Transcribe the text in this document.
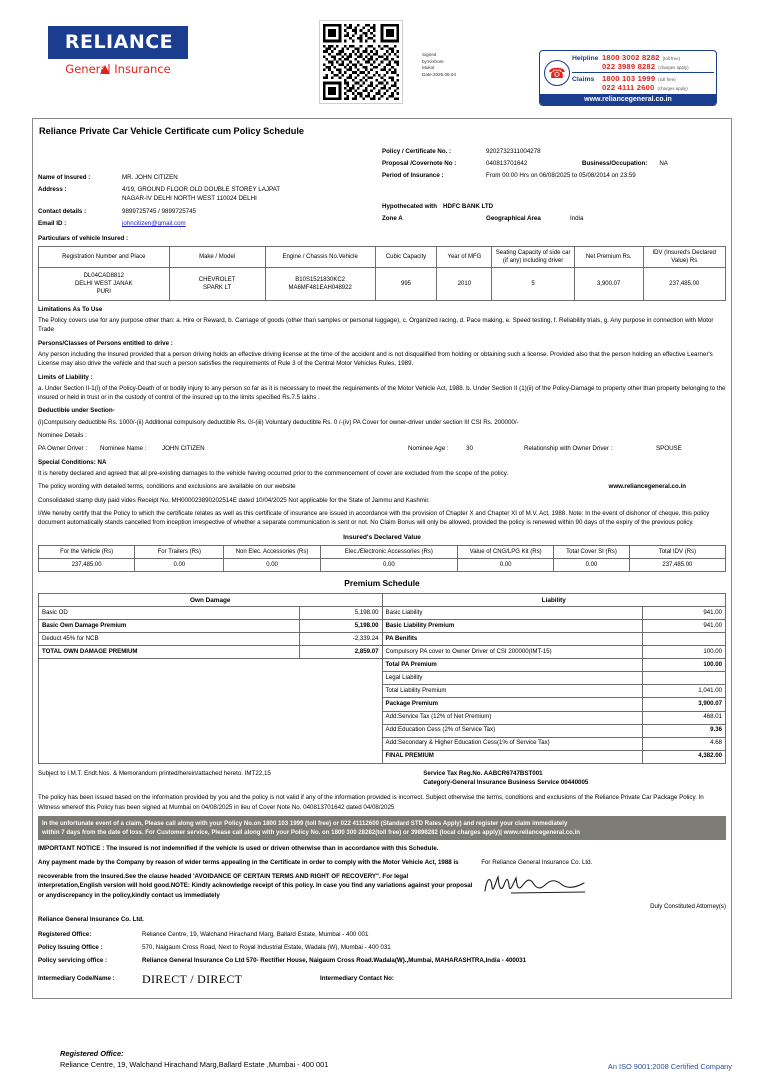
RELIANCE
General Insurance
Signed
by:Kishore
Mukul
Date:2025.08.04	☎
Helpline 1800 3002 8282 (toll free)
022 3989 8282 (charges apply)
Claims	1800 103 1999 (toll free)
022 4111 2600 (charges apply)
www.reliancegeneral.co.in
Reliance Private Car Vehicle Certificate cum Policy Schedule
Name of Insured :	MR. JOHN CITIZEN
Address :	4/19, GROUND FLOOR OLD DOUBLE STOREY LAJPAT
NAGAR-IV DELHI NORTH WEST 110024 DELHI
Contact details :	9899725745 / 9899725745
Email ID :	johncitizen@gmail.com
Policy / Certificate No. :	9202732311004278
Proposal /Covernote No :	040813701642	Business/Occupation: NA
Period of Insurance :	From 00:00 Hrs on 06/08/2025 to 05/08/2014 on 23:59
Hypothecated with HDFC BANK LTD
Zone A	Geographical Area	India
Particulars of vehicle Insured :
Registration Number and Place	Make / Model	Engine / Chassis No.Vehicle	Cubic Capacity	Year of MFG	Seating Capacity of side car (if any) including driver	Net Premium Rs.	IDV (Insured's Declared Value) Rs

DL04CAD8812
DELHI WEST JANAK
PURI	CHEVROLET
SPARK LT	B10S1521830KC2
MA6MF481EAH048922	995	2010	5	3,900.07	237,485.00
Limitations As To Use
The Policy covers use for any purpose other than: a. Hire or Reward, b. Carriage of goods (other than samples or personal luggage), c. Organized racing, d. Pace making, e. Speed testing, f. Reliability trials, g. Any purpose in connection with Motor Trade
Persons/Classes of Persons entitled to drive :
Any person including the Insured provided that a person driving holds an effective driving license at the time of the accident and is not disqualified from holding or obtaining such a license. Provided also that the person holding an effective Learner's License may also drive the vehicle and that such a person satisfies the requirements of Rule 3 of the Central Motor Vehicles Rules, 1989.
Limits of Liability :
a. Under Section II-1(i) of the Policy-Death of or bodily injury to any person so far as it is necessary to meet the requirements of the Motor Vehicle Act, 1988. b. Under Section II (1)(ii) of the Policy-Damage to property other than property belonging to the insured or held in trust or in the custody of control of the insured up to the limits specified Rs.7.5 lakhs .
Deductible under Section-
(i)Compulsory deductible Rs. 1000/-(ii) Additional compulsory deductible Rs. 0/-(iii) Voluntary deductible Rs. 0 /-(iv) PA Cover for owner-driver under section III CSI Rs. 200000/-
Nominee Details :
PA Owner Driver :	Nominee Name :	JOHN CITIZEN	Nominee Age :	30	Relationship with Owner Driver :	SPOUSE
Special Conditions: NA
It is hereby declared and agreed that all pre-existing damages to the vehicle having occurred prior to the commencement of cover are excluded from the scope of the policy.
The policy wording with detailed terms, conditions and exclusions are available on our website	www.reliancegeneral.co.in
Consolidated stamp duty paid vides Receipt No. MH000023890202514E dated 10/04/2025 Not applicable for the State of Jammu and Kashmir.
I/We hereby certify that the Policy to which the certificate relates as well as this certificate of insurance are issued in accordance with the provision of Chapter X and Chapter XI of M.V. Act, 1988. Note: In the event of dishonor of cheque, this policy document automatically stands cancelled from inception irrespective of whether a separate communication is sent or not. No Claim Bonus will only be allowed, provided the policy is renewed within 90 days of the expiry of the previous policy.
Insured's Declared Value
For the Vehicle (Rs)	For Trailers (Rs)	Non Elec. Accessories (Rs)	Elec./Electronic Accessories (Rs)	Value of CNG/LPG Kit (Rs)	Total Cover SI (Rs)	Total IDV (Rs)
237,485.00	0.00	0.00	0.00	0.00	0.00	237,485.00
Premium Schedule
Own Damage	Liability

Basic OD	5,198.00
Basic Own Damage Premium	5,198.00
Deduct 45% for NCB	-2,339.24
TOTAL OWN DAMAGE PREMIUM	2,859.07

Basic Liability	941.00
Basic Liability Premium	941.00
PA Benifits	
Compulsory PA cover to Owner Driver of CSI 200000(IMT-15)	100.00
Total PA Premium	100.00
Legal Liability	
Total Liability Premium	1,041.00
Package Premium	3,900.07
Add:Service Tax (12% of Net Premium)	468.01
Add:Education Cess (2% of Service Tax)	9.36
Add:Secondary & Higher Education Cess(1% of Service Tax)	4.68
FINAL PREMIUM	4,382.00
Subject to I.M.T. Endt.Nos. & Memorandum printed/herein/attached hereto. IMT22,15	Service Tax Reg.No. AABCR6747BST001
Category-General Insurance Business Service 00440005
The policy has been issued based on the information provided by you and the policy is not valid if any of the information provided is incorrect. Subject otherwise the terms, conditions and exclusions of the Reliance Private Car Package Policy. In Witness whereof this Policy has been signed at Mumbai on 04/08/2025 in lieu of Cover Note No. 040813701642 dated 04/08/2025
In the unfortunate event of a claim, Please call along with your Policy No.on 1800 103 1999 (toll free) or 022 41112600 (Standard STD Rates Apply) and register your claim immediately
within 7 days from the date of loss. For Customer service, Please call along with your Policy No. on 1800 300 28282(toll free) or 39898282 (local charges apply)| www.reliancegeneral.co.in
IMPORTANT NOTICE : The insured is not indemnified if the vehicle is used or driven otherwise than in accordance with this Schedule.
Any payment made by the Company by reason of wider terms appealing in the Certificate in order to comply with the Motor Vehicle Act, 1988 is
recoverable from the Insured.See the clause headed 'AVOIDANCE OF CERTAIN TERMS AND RIGHT OF RECOVERY". For legal interpretation,English version will hold good.NOTE: Kindly acknowledge receipt of this policy. In case you find any variations against your proposal or anydiscrepancy in the policy,kindly contact us immediately
For Reliance General Insurance Co. Ltd.
Duly Constituted Attorney(s)
Reliance General Insurance Co. Ltd.
Registered Office:	Reliance Centre, 19, Walchand Hirachand Marg, Ballard Estate, Mumbai - 400 001
Policy Issuing Office :	570, Naigaum Cross Road, Next to Royal Industrial Estate, Wadala (W), Mumbai - 400 031
Policy servicing office :	Reliance General Insurance Co Ltd 570- Rectifier House, Naigaum Cross Road.Wadala(W).,Mumbai, MAHARASHTRA,India - 400031
Intermediary Code/Name :	DIRECT / DIRECT	Intermediary Contact No:
Registered Office:
Reliance Centre, 19, Walchand Hirachand Marg,Ballard Estate ,Mumbai - 400 001	An ISO 9001:2008 Certified Company
